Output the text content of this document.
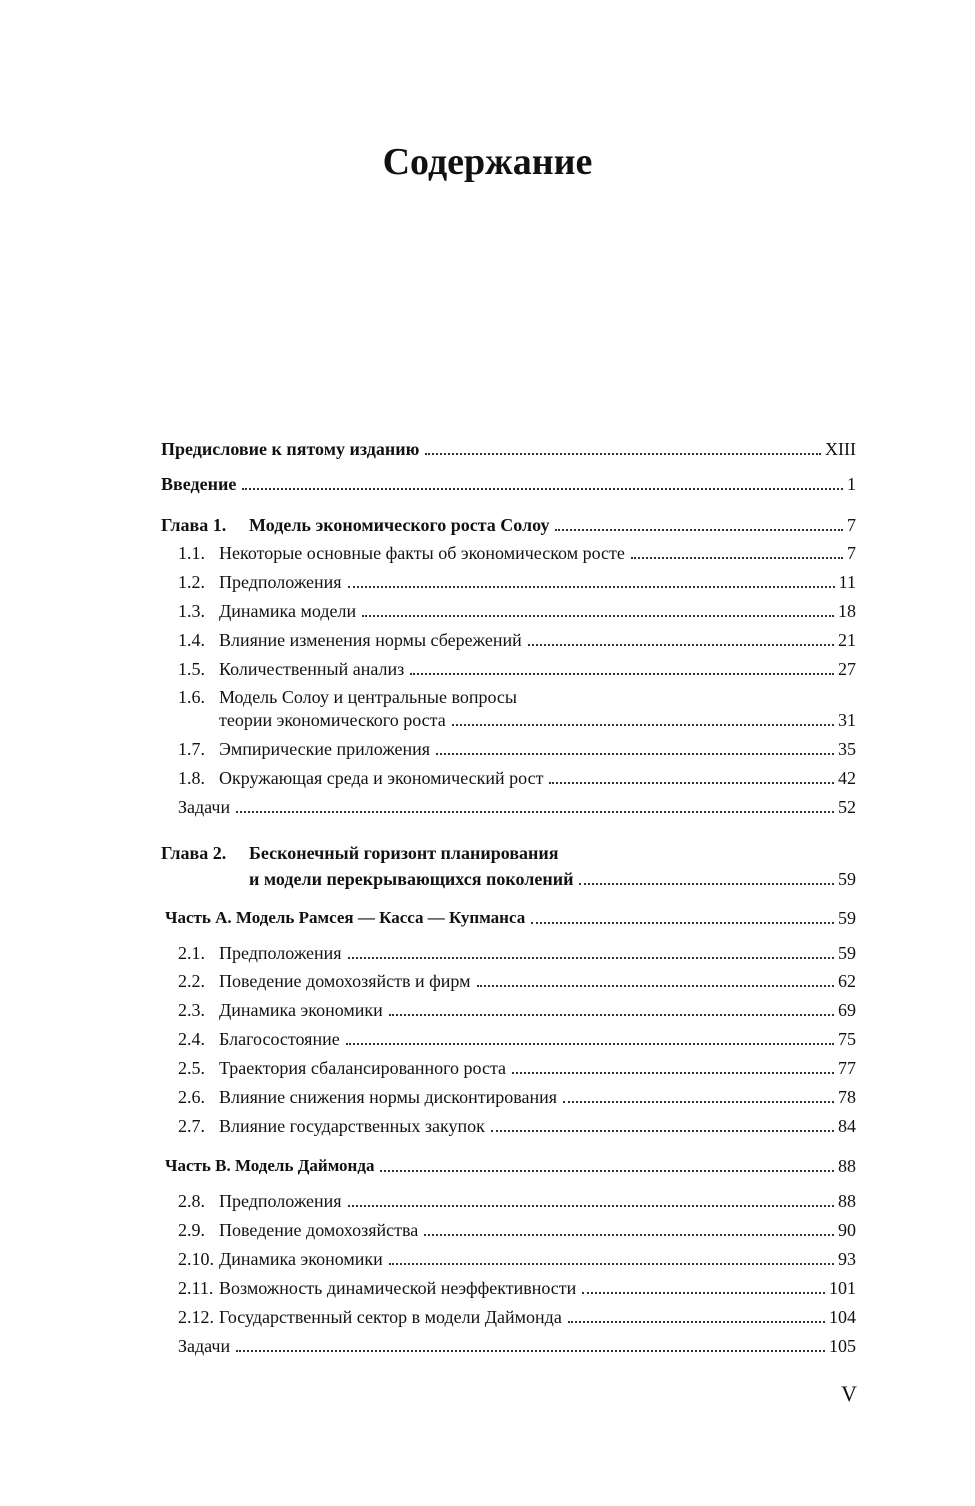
Содержание
Предисловие к пятому изданию	XIII
Введение	1
Глава 1.	Модель экономического роста Солоу	7
1.1. Некоторые основные факты об экономическом росте	7
1.2. Предположения	11
1.3. Динамика модели	18
1.4. Влияние изменения нормы сбережений	21
1.5. Количественный анализ	27
1.6. Модель Солоу и центральные вопросы
теории экономического роста	31
1.7. Эмпирические приложения	35
1.8. Окружающая среда и экономический рост	42
Задачи	52
Глава 2.	Бесконечный горизонт планирования
и модели перекрывающихся поколений	59
Часть А. Модель Рамсея — Касса — Купманса	59
2.1. Предположения	59
2.2. Поведение домохозяйств и фирм	62
2.3. Динамика экономики	69
2.4. Благосостояние	75
2.5. Траектория сбалансированного роста	77
2.6. Влияние снижения нормы дисконтирования	78
2.7. Влияние государственных закупок	84
Часть В. Модель Даймонда	88
2.8. Предположения	88
2.9. Поведение домохозяйства	90
2.10. Динамика экономики	93
2.11. Возможность динамической неэффективности	101
2.12. Государственный сектор в модели Даймонда	104
Задачи	105
V
